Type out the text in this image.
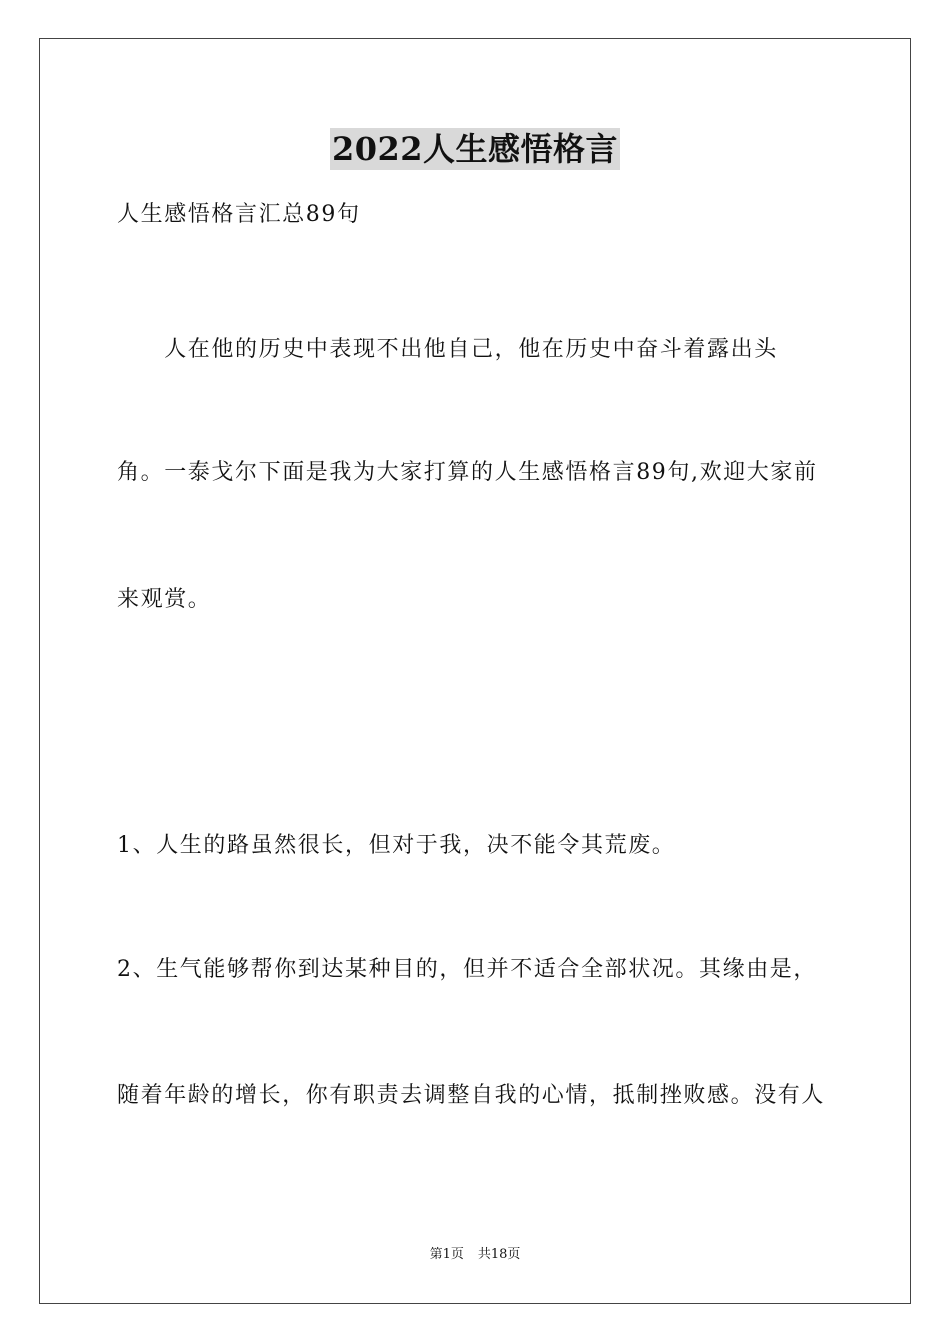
2022人生感悟格言
人生感悟格言汇总89句
　　人在他的历史中表现不出他自己，他在历史中奋斗着露出头
角。一泰戈尔下面是我为大家打算的人生感悟格言89句,欢迎大家前
来观赏。
1、人生的路虽然很长，但对于我，决不能令其荒废。
2、生气能够帮你到达某种目的，但并不适合全部状况。其缘由是，
随着年龄的增长，你有职责去调整自我的心情，抵制挫败感。没有人
第1页 共18页
